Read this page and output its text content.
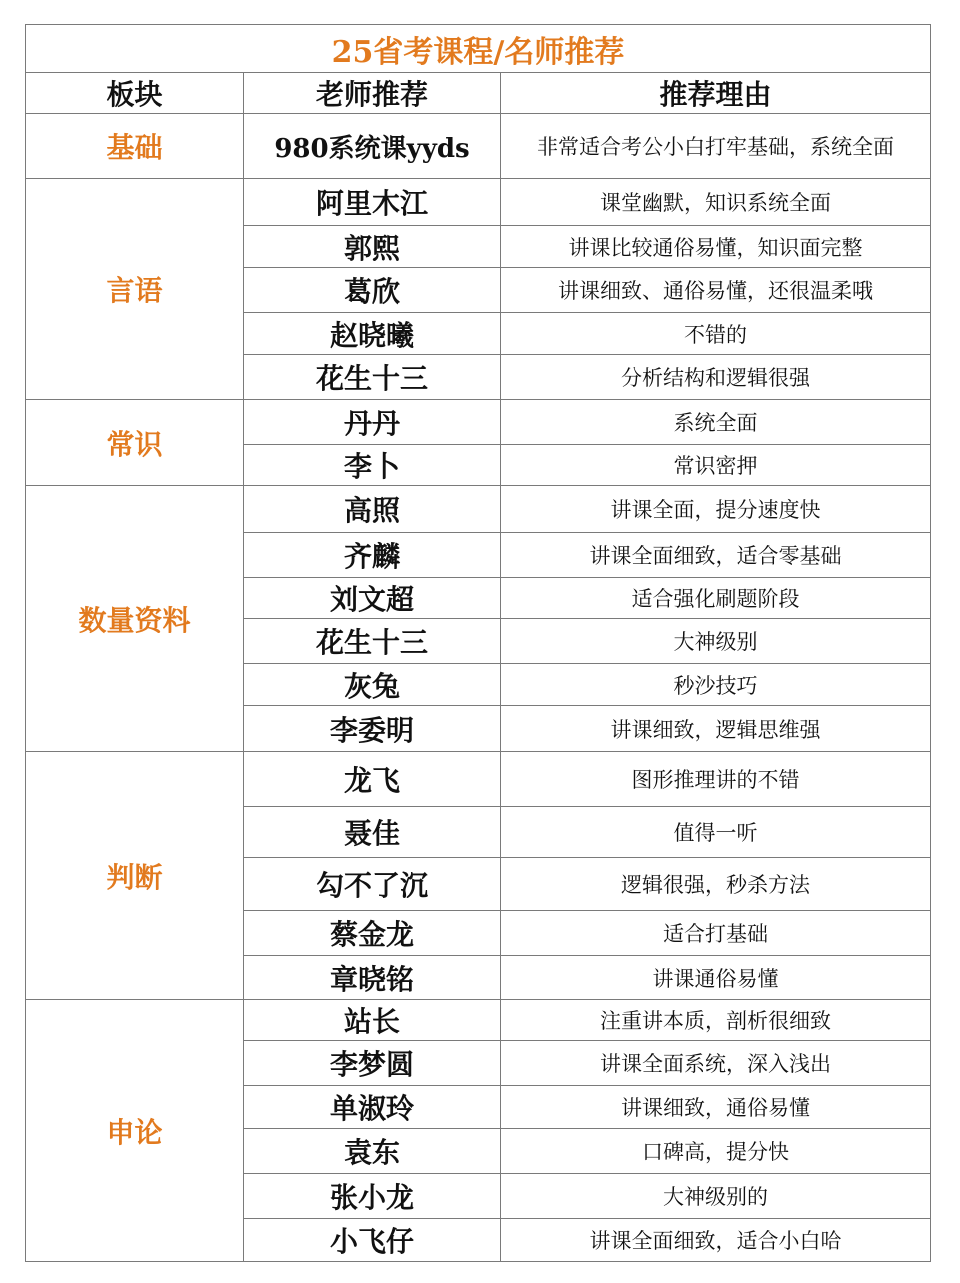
25省考课程/名师推荐		
板块	老师推荐	推荐理由
基础	980系统课yyds	非常适合考公小白打牢基础，系统全面
言语	阿里木江	课堂幽默，知识系统全面
	郭熙	讲课比较通俗易懂，知识面完整
	葛欣	讲课细致、通俗易懂，还很温柔哦
	赵晓曦	不错的
	花生十三	分析结构和逻辑很强
常识	丹丹	系统全面
	李卜	常识密押
数量资料	高照	讲课全面，提分速度快
	齐麟	讲课全面细致，适合零基础
	刘文超	适合强化刷题阶段
	花生十三	大神级别
	灰兔	秒沙技巧
	李委明	讲课细致，逻辑思维强
判断	龙飞	图形推理讲的不错
	聂佳	值得一听
	勾不了沉	逻辑很强，秒杀方法
	蔡金龙	适合打基础
	章晓铭	讲课通俗易懂
申论	站长	注重讲本质，剖析很细致
	李梦圆	讲课全面系统，深入浅出
	单淑玲	讲课细致，通俗易懂
	袁东	口碑高，提分快
	张小龙	大神级别的
	小飞仔	讲课全面细致，适合小白哈
